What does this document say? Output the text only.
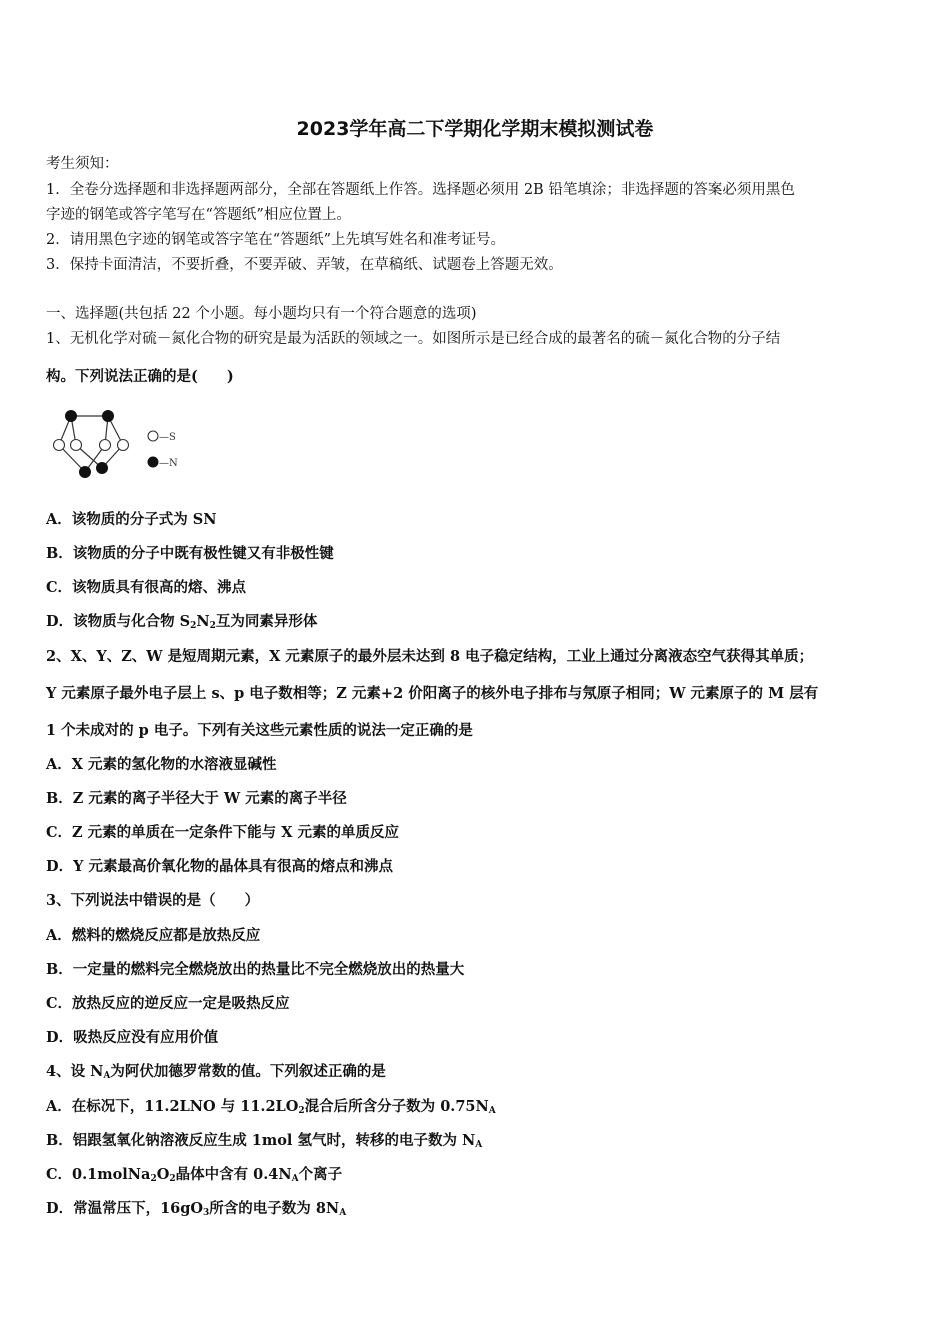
2023学年高二下学期化学期末模拟测试卷
考生须知：
1．全卷分选择题和非选择题两部分，全部在答题纸上作答。选择题必须用 2B 铅笔填涂；非选择题的答案必须用黑色
字迹的钢笔或答字笔写在“答题纸”相应位置上。
2．请用黑色字迹的钢笔或答字笔在“答题纸”上先填写姓名和准考证号。
3．保持卡面清洁，不要折叠，不要弄破、弄皱，在草稿纸、试题卷上答题无效。
一、选择题(共包括 22 个小题。每小题均只有一个符合题意的选项)
1、无机化学对硫－氮化合物的研究是最为活跃的领域之一。如图所示是已经合成的最著名的硫－氮化合物的分子结
构。下列说法正确的是(　　)
—S
—N
A．该物质的分子式为 SN
B．该物质的分子中既有极性键又有非极性键
C．该物质具有很高的熔、沸点
D．该物质与化合物 $S_2N_2$互为同素异形体
2、X、Y、Z、W 是短周期元素，X 元素原子的最外层未达到 8 电子稳定结构，工业上通过分离液态空气获得其单质；
Y 元素原子最外电子层上 s、p 电子数相等；Z 元素+2 价阳离子的核外电子排布与氖原子相同；W 元素原子的 M 层有
1 个未成对的 p 电子。下列有关这些元素性质的说法一定正确的是
A．X 元素的氢化物的水溶液显碱性
B．Z 元素的离子半径大于 W 元素的离子半径
C．Z 元素的单质在一定条件下能与 X 元素的单质反应
D．Y 元素最高价氧化物的晶体具有很高的熔点和沸点
3、下列说法中错误的是（　　）
A．燃料的燃烧反应都是放热反应
B．一定量的燃料完全燃烧放出的热量比不完全燃烧放出的热量大
C．放热反应的逆反应一定是吸热反应
D．吸热反应没有应用价值
4、设 $N_A$为阿伏加德罗常数的值。下列叙述正确的是
A．在标况下，11.2LNO 与 $11.2LO_2$混合后所含分子数为 $0.75N_A$
B．铝跟氢氧化钠溶液反应生成 1mol 氢气时，转移的电子数为 $N_A$
C．$0.1molNa_2O_2$晶体中含有 $0.4N_A$个离子
D．常温常压下，$16gO_3$所含的电子数为 $8N_A$
